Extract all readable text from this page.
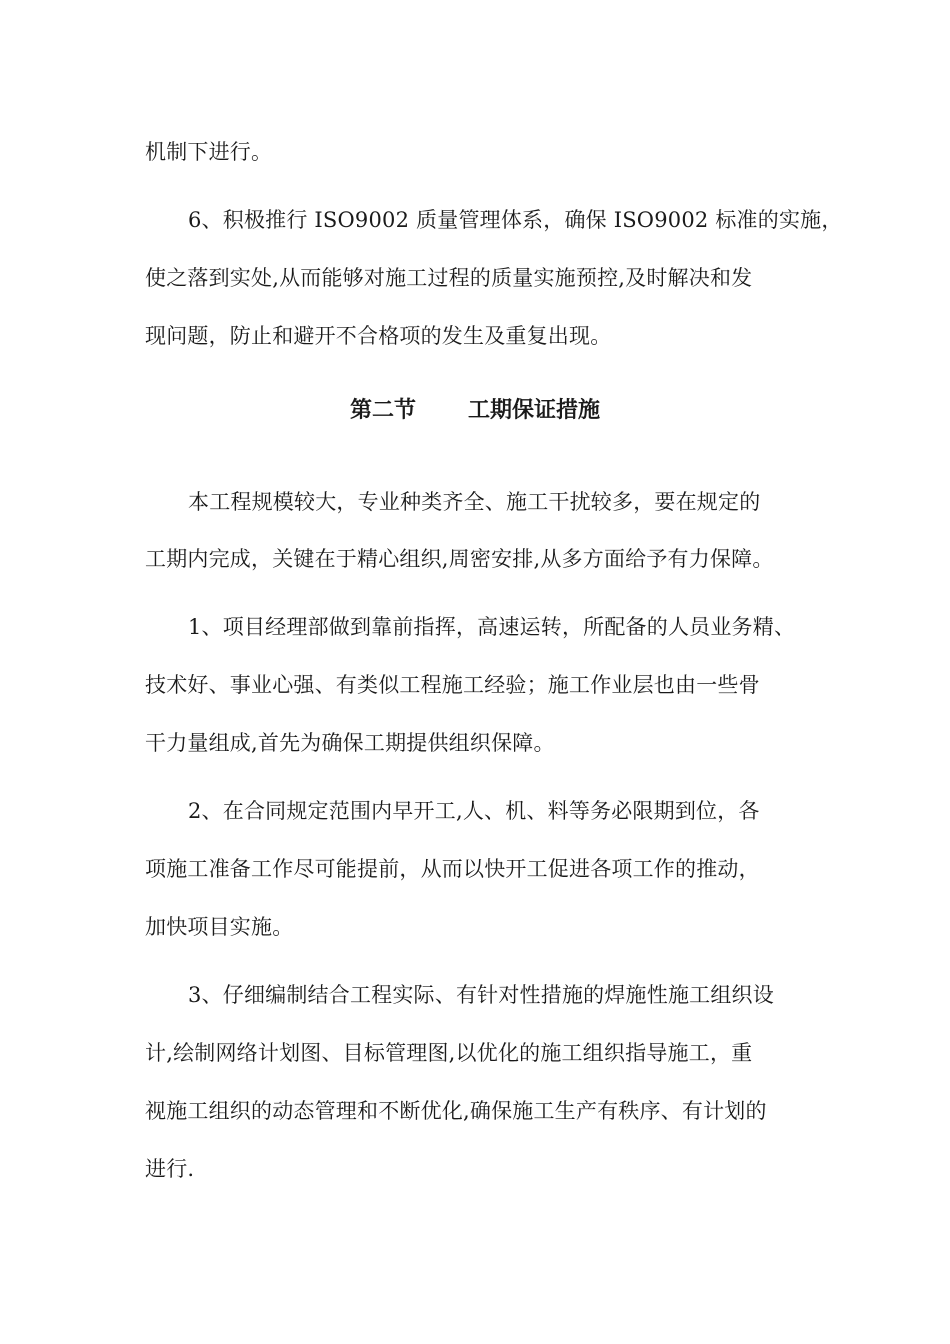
机制下进行。
6、积极推行 ISO9002 质量管理体系，确保 ISO9002 标准的实施，
使之落到实处,从而能够对施工过程的质量实施预控,及时解决和发
现问题，防止和避开不合格项的发生及重复出现。
第二节 工期保证措施
本工程规模较大，专业种类齐全、施工干扰较多，要在规定的
工期内完成，关键在于精心组织,周密安排,从多方面给予有力保障。
1、项目经理部做到靠前指挥，高速运转，所配备的人员业务精、
技术好、事业心强、有类似工程施工经验；施工作业层也由一些骨
干力量组成,首先为确保工期提供组织保障。
2、在合同规定范围内早开工,人、机、料等务必限期到位，各
项施工准备工作尽可能提前，从而以快开工促进各项工作的推动，
加快项目实施。
3、仔细编制结合工程实际、有针对性措施的焊施性施工组织设
计,绘制网络计划图、目标管理图,以优化的施工组织指导施工，重
视施工组织的动态管理和不断优化,确保施工生产有秩序、有计划的
进行.
